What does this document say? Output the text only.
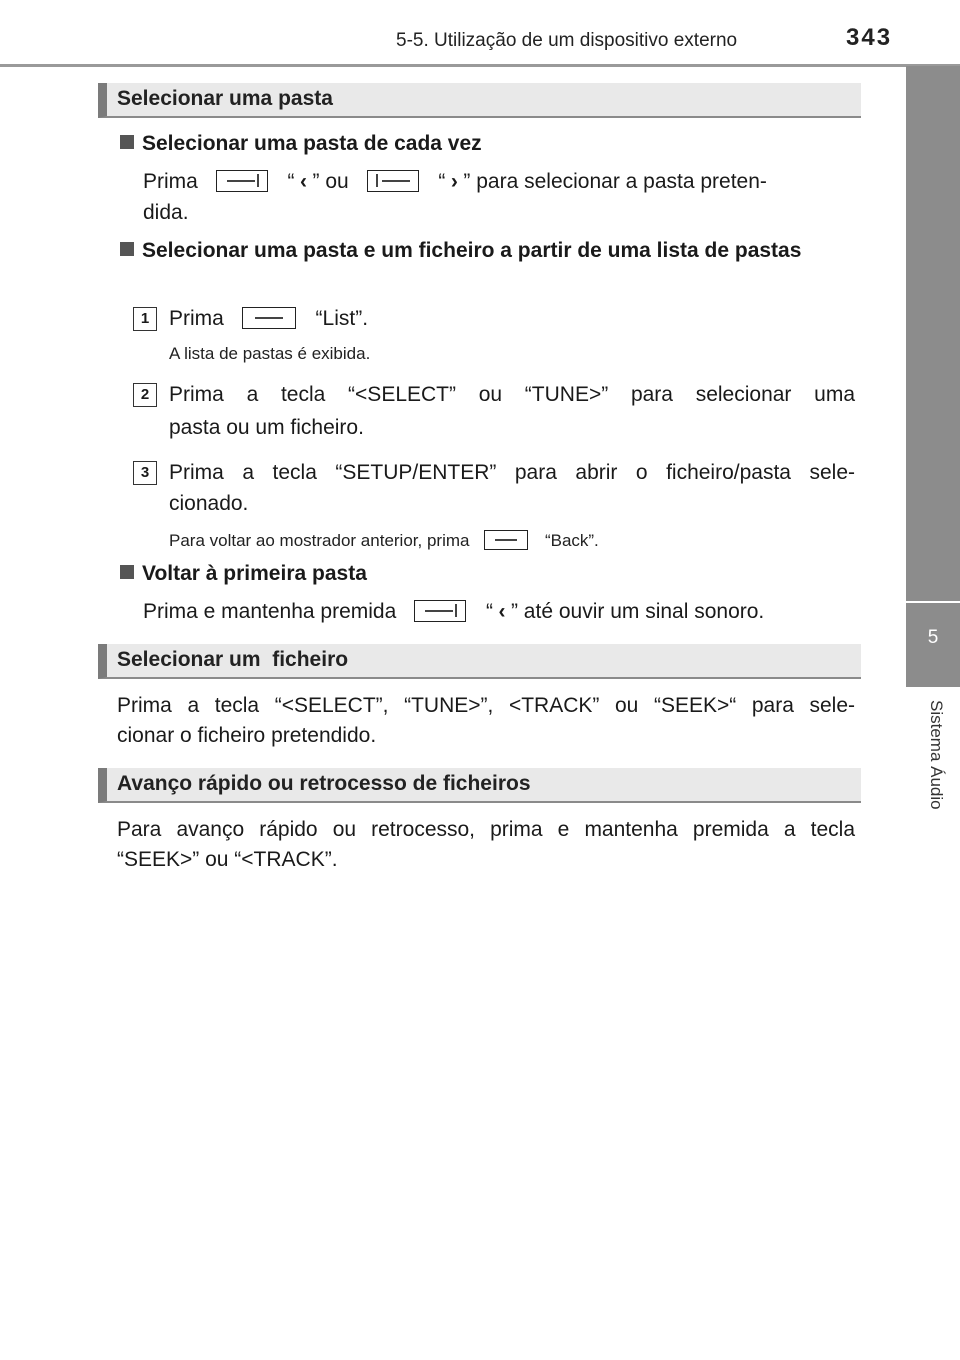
5-5. Utilização de um dispositivo externo	343
5
Sistema Áudio
Selecionar uma pasta
Selecionar uma pasta de cada vez
Prima	“ ‹ ” ou	“ › ” para selecionar a pasta preten-
dida.
Selecionar uma pasta e um ficheiro a partir de uma lista de pastas
1 Prima	“List”.
A lista de pastas é exibida.
2 Prima a tecla “<SELECT” ou “TUNE>” para selecionar uma
pasta ou um ficheiro.
3 Prima a tecla “SETUP/ENTER” para abrir o ficheiro/pasta sele-
cionado.
Para voltar ao mostrador anterior, prima	“Back”.
Voltar à primeira pasta
Prima e mantenha premida	“ ‹ ” até ouvir um sinal sonoro.
Selecionar um  ficheiro
Prima a tecla “<SELECT”, “TUNE>”, <TRACK” ou “SEEK>“ para sele-
cionar o ficheiro pretendido.
Avanço rápido ou retrocesso de ficheiros
Para avanço rápido ou retrocesso, prima e mantenha premida a tecla
“SEEK>” ou “<TRACK”.
